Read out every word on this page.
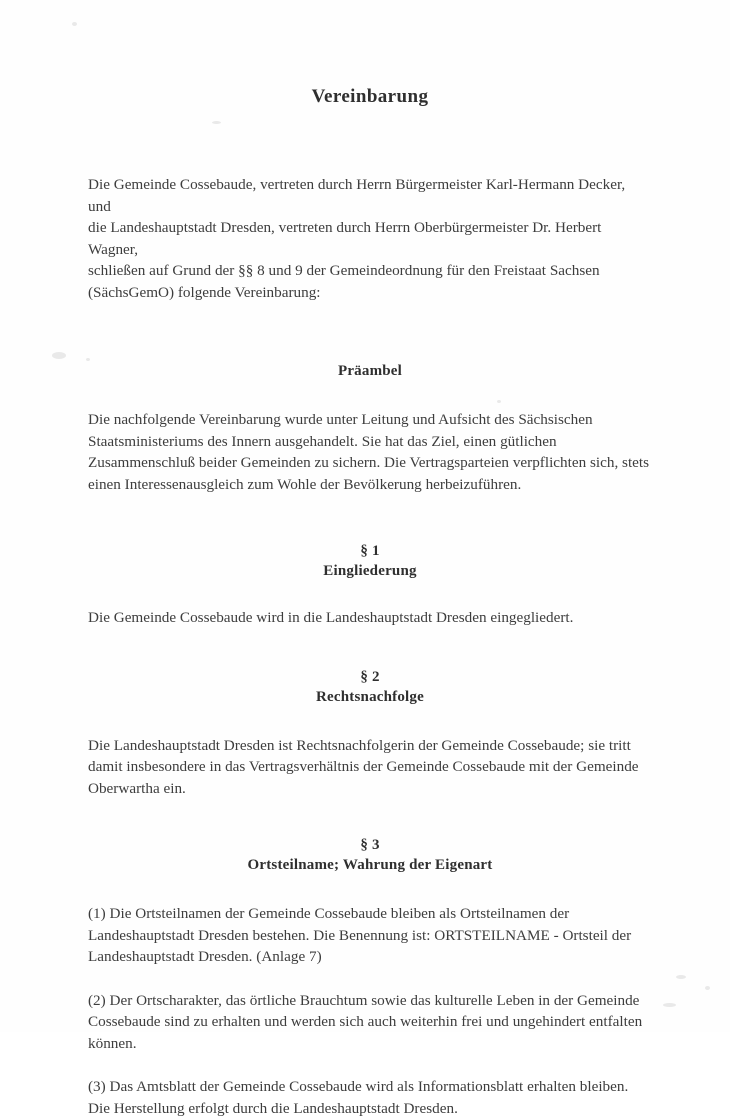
Vereinbarung

Die Gemeinde Cossebaude, vertreten durch Herrn Bürgermeister Karl-Hermann Decker,

und

die Landeshauptstadt Dresden, vertreten durch Herrn Oberbürgermeister Dr. Herbert Wagner,

schließen auf Grund der §§ 8 und 9 der Gemeindeordnung für den Freistaat Sachsen

(SächsGemO) folgende Vereinbarung:

Präambel

Die nachfolgende Vereinbarung wurde unter Leitung und Aufsicht des Sächsischen Staatsministeriums des Innern ausgehandelt. Sie hat das Ziel, einen gütlichen Zusammenschluß beider Gemeinden zu sichern. Die Vertragsparteien verpflichten sich, stets einen Interessenausgleich zum Wohle der Bevölkerung herbeizuführen.

§ 1
Eingliederung

Die Gemeinde Cossebaude wird in die Landeshauptstadt Dresden eingegliedert.

§ 2
Rechtsnachfolge

Die Landeshauptstadt Dresden ist Rechtsnachfolgerin der Gemeinde Cossebaude; sie tritt damit insbesondere in das Vertragsverhältnis der Gemeinde Cossebaude mit der Gemeinde Oberwartha ein.

§ 3
Ortsteilname; Wahrung der Eigenart

(1) Die Ortsteilnamen der Gemeinde Cossebaude bleiben als Ortsteilnamen der Landeshauptstadt Dresden bestehen. Die Benennung ist: ORTSTEILNAME - Ortsteil der Landeshauptstadt Dresden. (Anlage 7)

(2) Der Ortscharakter, das örtliche Brauchtum sowie das kulturelle Leben in der Gemeinde Cossebaude sind zu erhalten und werden sich auch weiterhin frei und ungehindert entfalten können.

(3) Das Amtsblatt der Gemeinde Cossebaude wird als Informationsblatt erhalten bleiben. Die Herstellung erfolgt durch die Landeshauptstadt Dresden.
